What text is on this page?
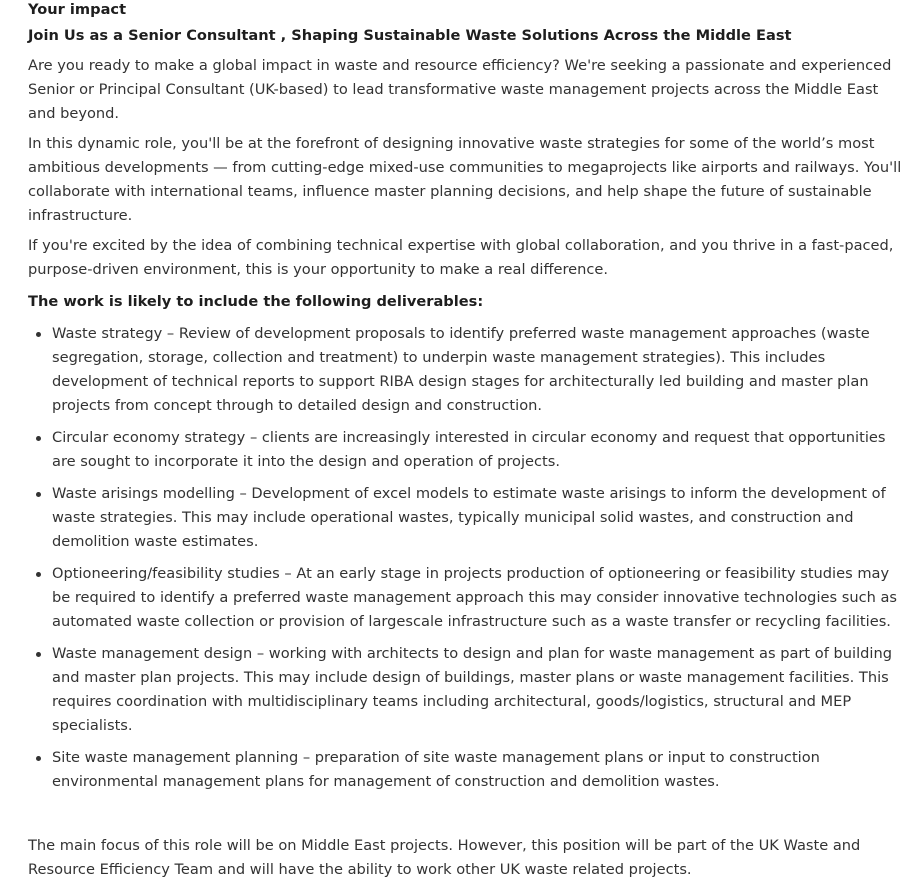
Your impact

Join Us as a Senior Consultant , Shaping Sustainable Waste Solutions Across the Middle East

Are you ready to make a global impact in waste and resource efficiency? We're seeking a passionate and experienced Senior or Principal Consultant (UK-based) to lead transformative waste management projects across the Middle East and beyond.

In this dynamic role, you'll be at the forefront of designing innovative waste strategies for some of the world’s most ambitious developments — from cutting-edge mixed-use communities to megaprojects like airports and railways. You'll collaborate with international teams, influence master planning decisions, and help shape the future of sustainable infrastructure.

If you're excited by the idea of combining technical expertise with global collaboration, and you thrive in a fast-paced, purpose-driven environment, this is your opportunity to make a real difference.

The work is likely to include the following deliverables:

Waste strategy – Review of development proposals to identify preferred waste management approaches (waste segregation, storage, collection and treatment) to underpin waste management strategies). This includes development of technical reports to support RIBA design stages for architecturally led building and master plan projects from concept through to detailed design and construction.
Circular economy strategy – clients are increasingly interested in circular economy and request that opportunities are sought to incorporate it into the design and operation of projects.
Waste arisings modelling – Development of excel models to estimate waste arisings to inform the development of waste strategies. This may include operational wastes, typically municipal solid wastes, and construction and demolition waste estimates.
Optioneering/feasibility studies – At an early stage in projects production of optioneering or feasibility studies may be required to identify a preferred waste management approach this may consider innovative technologies such as automated waste collection or provision of largescale infrastructure such as a waste transfer or recycling facilities.
Waste management design – working with architects to design and plan for waste management as part of building and master plan projects. This may include design of buildings, master plans or waste management facilities. This requires coordination with multidisciplinary teams including architectural, goods/logistics, structural and MEP specialists.
Site waste management planning – preparation of site waste management plans or input to construction environmental management plans for management of construction and demolition wastes.

The main focus of this role will be on Middle East projects. However, this position will be part of the UK Waste and Resource Efficiency Team and will have the ability to work other UK waste related projects.
